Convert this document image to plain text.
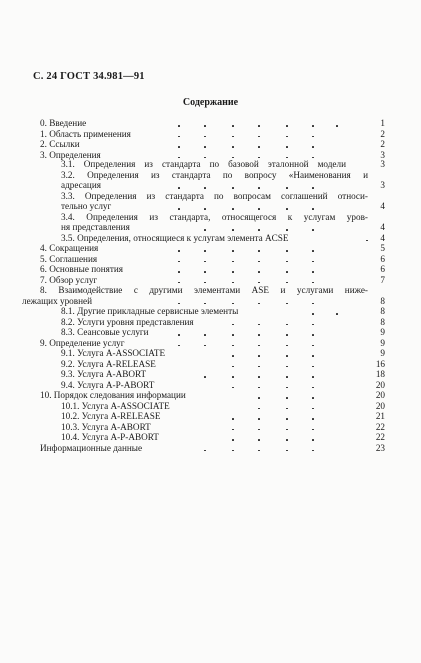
С. 24 ГОСТ 34.981—91
Содержание
0. Введение	1
1. Область применения	2
2. Ссылки	2
3. Определения	3
3.1. Определения из стандарта по базовой эталонной модели	3
3.2. Определения из стандарта по вопросу «Наименования и
адресация	3
3.3. Определения из стандарта по вопросам соглашений относи-
тельно услуг	4
3.4. Определения из стандарта, относящегося к услугам уров-
ня представления	4
3.5. Определения, относящиеся к услугам элемента ACSE	4
4. Сокращения	5
5. Соглашения	6
6. Основные понятия	6
7. Обзор услуг	7
8. Взаимодействие с другими элементами ASE и услугами ниже-
лежащих уровней	8
8.1. Другие прикладные сервисные элементы	8
8.2. Услуги уровня представления	8
8.3. Сеансовые услуги	9
9. Определение услуг	9
9.1. Услуга A-ASSOCIATE	9
9.2. Услуга A-RELEASE	16
9.3. Услуга A-ABORT	18
9.4. Услуга A-P-ABORT	20
10. Порядок следования информации	20
10.1. Услуга A-ASSOCIATE	20
10.2. Услуга A-RELEASE	21
10.3. Услуга A-ABORT	22
10.4. Услуга A-P-ABORT	22
Информационные данные	23
